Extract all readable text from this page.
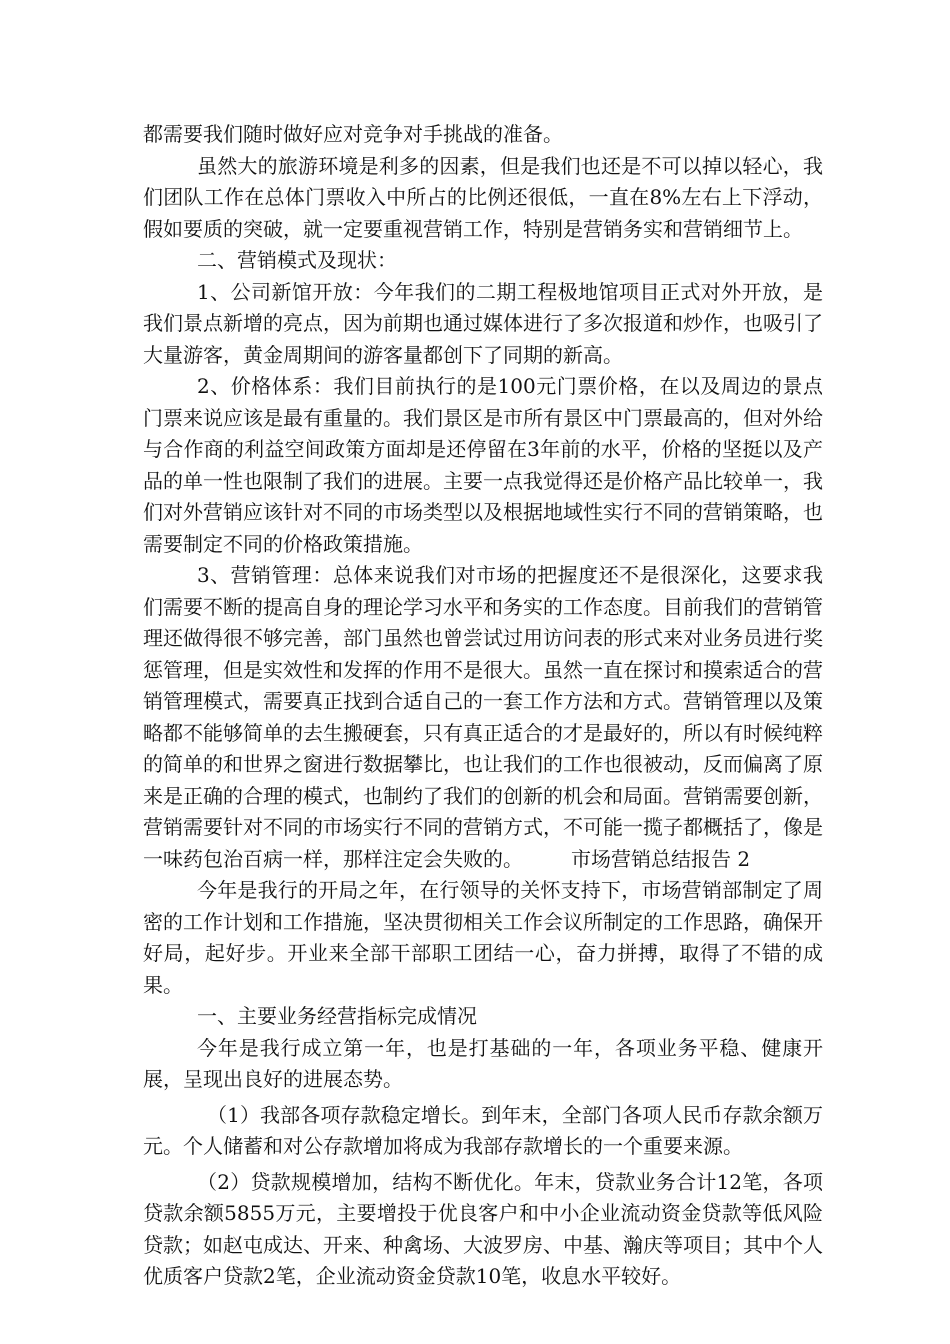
都需要我们随时做好应对竞争对手挑战的准备。

虽然大的旅游环境是利多的因素，但是我们也还是不可以掉以轻心，我们团队工作在总体门票收入中所占的比例还很低，一直在8%左右上下浮动，假如要质的突破，就一定要重视营销工作，特别是营销务实和营销细节上。

二、营销模式及现状：

1、公司新馆开放：今年我们的二期工程极地馆项目正式对外开放，是我们景点新增的亮点，因为前期也通过媒体进行了多次报道和炒作，也吸引了大量游客，黄金周期间的游客量都创下了同期的新高。

2、价格体系：我们目前执行的是100元门票价格，在以及周边的景点门票来说应该是最有重量的。我们景区是市所有景区中门票最高的，但对外给与合作商的利益空间政策方面却是还停留在3年前的水平，价格的坚挺以及产品的单一性也限制了我们的进展。主要一点我觉得还是价格产品比较单一，我们对外营销应该针对不同的市场类型以及根据地域性实行不同的营销策略，也需要制定不同的价格政策措施。

3、营销管理：总体来说我们对市场的把握度还不是很深化，这要求我们需要不断的提高自身的理论学习水平和务实的工作态度。目前我们的营销管理还做得很不够完善，部门虽然也曾尝试过用访问表的形式来对业务员进行奖惩管理，但是实效性和发挥的作用不是很大。虽然一直在探讨和摸索适合的营销管理模式，需要真正找到合适自己的一套工作方法和方式。营销管理以及策略都不能够简单的去生搬硬套，只有真正适合的才是最好的，所以有时候纯粹的简单的和世界之窗进行数据攀比，也让我们的工作也很被动，反而偏离了原来是正确的合理的模式，也制约了我们的创新的机会和局面。营销需要创新，营销需要针对不同的市场实行不同的营销方式，不可能一揽子都概括了，像是一味药包治百病一样，那样注定会失败的。 市场营销总结报告 2

今年是我行的开局之年，在行领导的关怀支持下，市场营销部制定了周密的工作计划和工作措施，坚决贯彻相关工作会议所制定的工作思路，确保开好局，起好步。开业来全部干部职工团结一心，奋力拼搏，取得了不错的成果。

一、主要业务经营指标完成情况

今年是我行成立第一年，也是打基础的一年，各项业务平稳、健康开展，呈现出良好的进展态势。

（1）我部各项存款稳定增长。到年末，全部门各项人民币存款余额万元。个人储蓄和对公存款增加将成为我部存款增长的一个重要来源。

（2）贷款规模增加，结构不断优化。年末，贷款业务合计12笔，各项贷款余额5855万元，主要增投于优良客户和中小企业流动资金贷款等低风险贷款；如赵屯成达、开来、种禽场、大波罗房、中基、瀚庆等项目；其中个人优质客户贷款2笔，企业流动资金贷款10笔，收息水平较好。
